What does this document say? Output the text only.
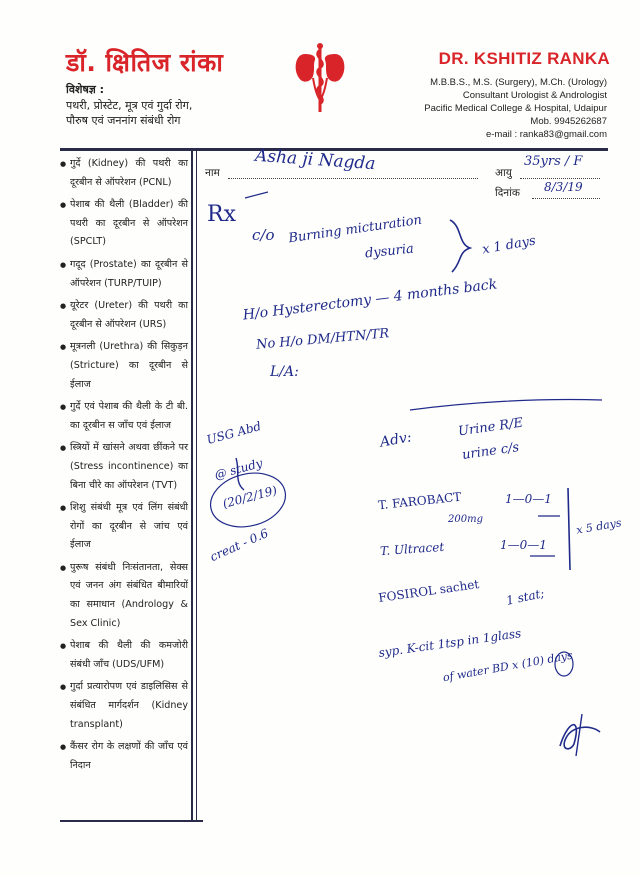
डॉ. क्षितिज रांका
विशेषज्ञ :
पथरी, प्रोस्टेट, मूत्र एवं गुर्दा रोग,
पौरुष एवं जननांग संबंधी रोग
DR. KSHITIZ RANKA
M.B.B.S., M.S. (Surgery), M.Ch. (Urology)
Consultant Urologist & Andrologist
Pacific Medical College & Hospital, Udaipur
Mob. 9945262687
e-mail : ranka83@gmail.com
● गुर्दे (Kidney) की पथरी का दूरबीन से ऑपरेशन (PCNL)
● पेशाब की थैली (Bladder) की पथरी का दूरबीन से ऑपरेशन (SPCLT)
● गदूद (Prostate) का दूरबीन से ऑपरेशन (TURP/TUIP)
● यूरेटर (Ureter) की पथरी का दूरबीन से ऑपरेशन (URS)
● मूत्रनली (Urethra) की सिकुड़न (Stricture) का दूरबीन से ईलाज
● गुर्दे एवं पेशाब की थैली के टी बी. का दूरबीन स जाँच एवं ईलाज
● स्त्रियों में खांसने अथवा छींकने पर (Stress incontinence) का बिना चीरे का ऑपरेशन (TVT)
● शिशु संबंधी मूत्र एवं लिंग संबंधी रोगों का दूरबीन से जांच एवं ईलाज
● पुरूष संबंधी निःसंतानता, सेक्स एवं जनन अंग संबंधित बीमारियों का समाधान (Andrology & Sex Clinic)
● पेशाब की थैली की कमजोरी संबंधी जाँच (UDS/UFM)
● गुर्दा प्रत्यारोपण एवं डाइलिसिस से संबंधित मार्गदर्शन (Kidney transplant)
● कैंसर रोग के लक्षणों की जाँच एवं निदान
नाम	आयु
दिनांक
Asha ji Nagda	35yrs / F
8/3/19
Rx
c/o Burning micturation
dysuria	x 1 days
H/o Hysterectomy — 4 months back
No H/o DM/HTN/TR
L/A:
USG Abd
@ study
(20/2/19)
creat - 0.6
Adv:
Urine R/E
urine c/s
T. FAROBACT	1—0—1
200mg
T. Ultracet	1—0—1
x 5 days
FOSIROL sachet 1 stat;
syp. K-cit 1tsp in 1glass
of water BD x (10) days
